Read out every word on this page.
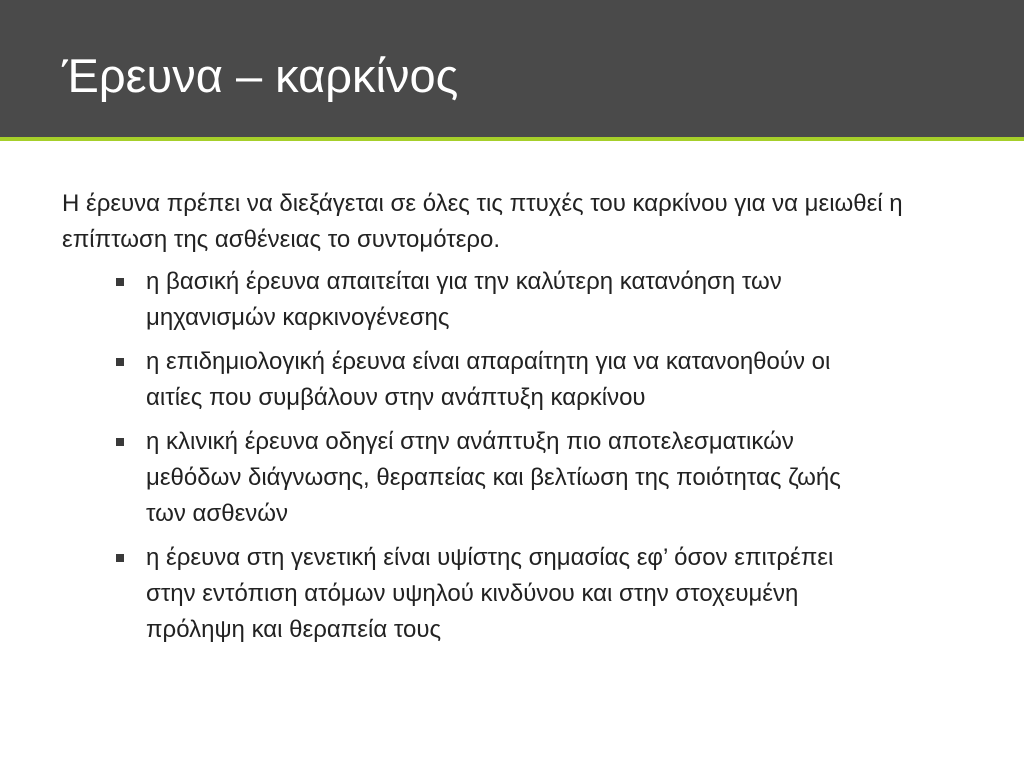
Έρευνα – καρκίνος

Η έρευνα πρέπει να διεξάγεται σε όλες τις πτυχές του καρκίνου για να μειωθεί η επίπτωση της ασθένειας το συντομότερο.

η βασική έρευνα απαιτείται για την καλύτερη κατανόηση των μηχανισμών καρκινογένεσης
η επιδημιολογική έρευνα είναι απαραίτητη για να κατανοηθούν οι αιτίες που συμβάλουν στην ανάπτυξη καρκίνου
η κλινική έρευνα οδηγεί στην ανάπτυξη πιο αποτελεσματικών μεθόδων διάγνωσης, θεραπείας και βελτίωση της ποιότητας ζωής των ασθενών
η έρευνα στη γενετική είναι υψίστης σημασίας εφ’ όσον επιτρέπει στην εντόπιση ατόμων υψηλού κινδύνου και στην στοχευμένη πρόληψη και θεραπεία τους
